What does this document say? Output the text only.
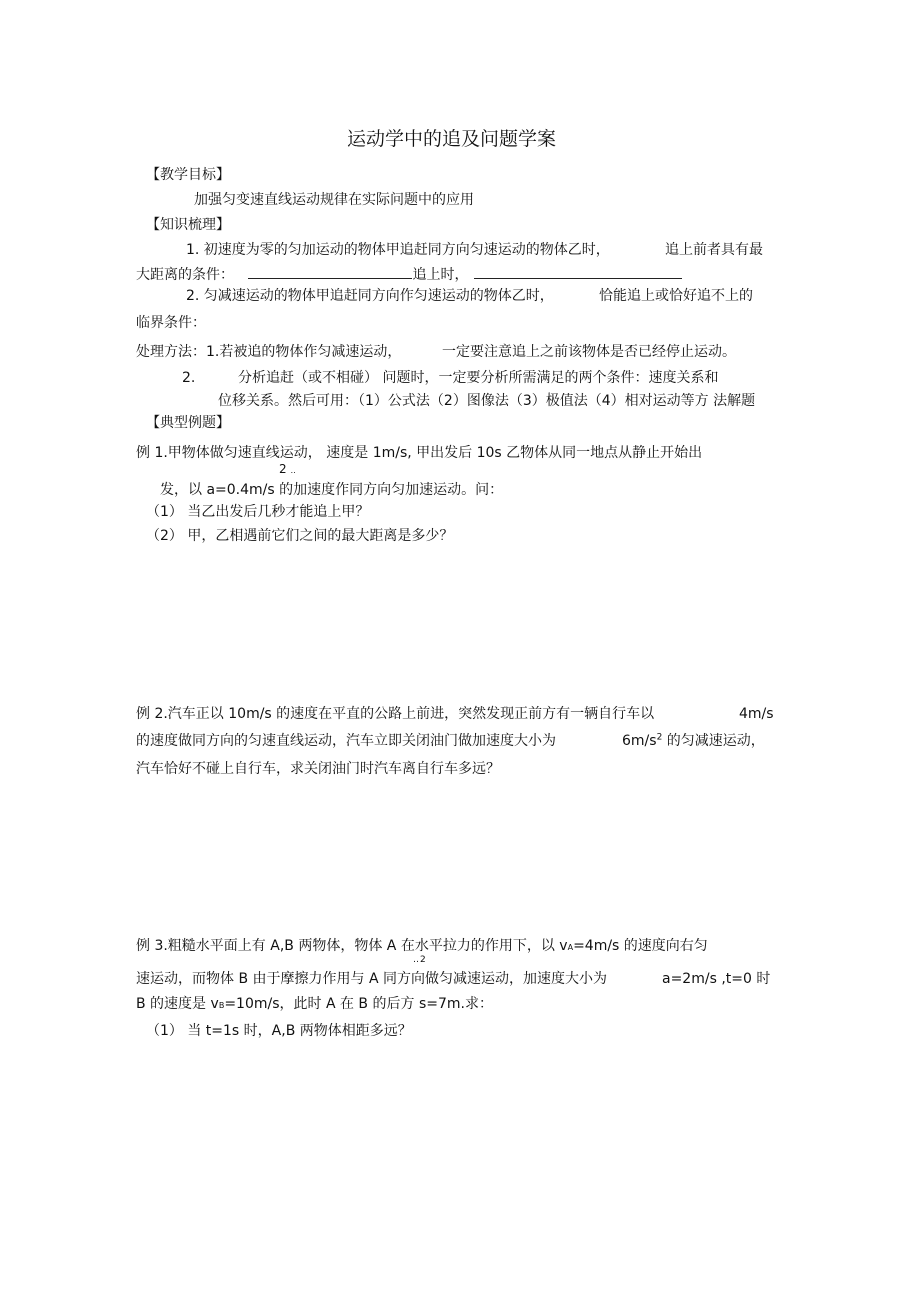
运动学中的追及问题学案
【教学目标】
加强匀变速直线运动规律在实际问题中的应用
【知识梳理】
1. 初速度为零的匀加运动的物体甲追赶同方向匀速运动的物体乙时，	追上前者具有最
大距离的条件：	追上时，
2. 匀减速运动的物体甲追赶同方向作匀速运动的物体乙时，	恰能追上或恰好追不上的
临界条件：
处理方法：1.若被追的物体作匀减速运动，	一定要注意追上之前该物体是否已经停止运动。
2.	分析追赶（或不相碰） 问题时，一定要分析所需满足的两个条件：速度关系和
位移关系。然后可用：（1）公式法（2）图像法（3）极值法（4）相对运动等方 法解题
【典型例题】
例 1.甲物体做匀速直线运动， 速度是 1m/s, 甲出发后 10s 乙物体从同一地点从静止开始出
2 ‥
发，以 a=0.4m/s 的加速度作同方向匀加速运动。问：
（1） 当乙出发后几秒才能追上甲？
（2） 甲，乙相遇前它们之间的最大距离是多少？
例 2.汽车正以 10m/s 的速度在平直的公路上前进，突然发现正前方有一辆自行车以	4m/s
的速度做同方向的匀速直线运动，汽车立即关闭油门做加速度大小为	$6m/s^2$ 的匀减速运动，
汽车恰好不碰上自行车，求关闭油门时汽车离自行车多远？
例 3.粗糙水平面上有 A,B 两物体，物体 A 在水平拉力的作用下，以 vA=4m/s 的速度向右匀
‥2
速运动，而物体 B 由于摩擦力作用与 A 同方向做匀减速运动，加速度大小为	a=2m/s ,t=0 时
B 的速度是 vB=10m/s，此时 A 在 B 的后方 s=7m.求：
（1） 当 t=1s 时，A,B 两物体相距多远？
